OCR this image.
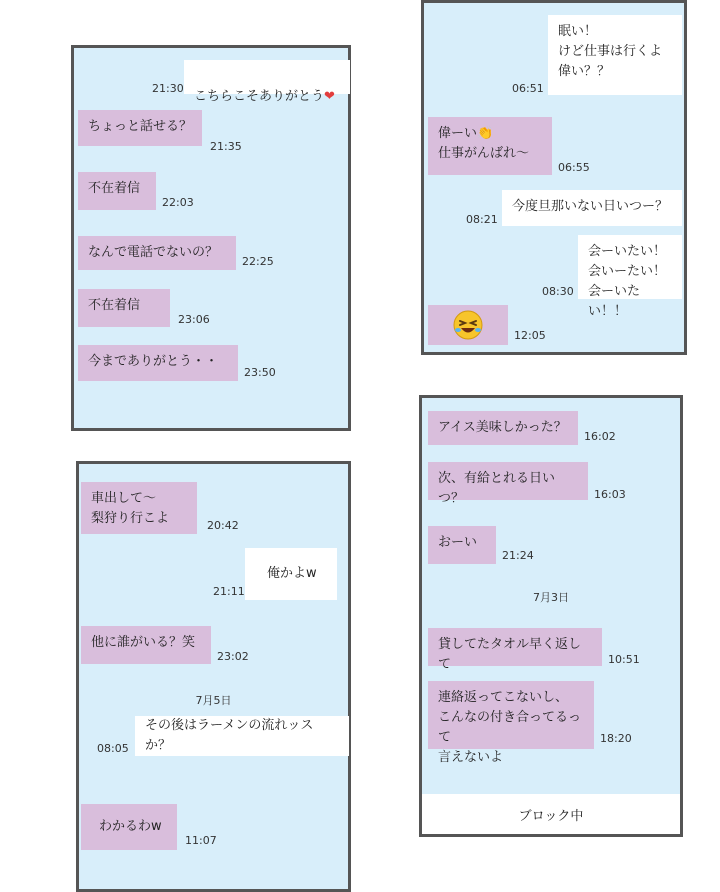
こちらこそありがとう❤

21:30
ちょっと話せる？
21:35
不在着信
22:03
なんで電話でないの？
22:25
不在着信
23:06
今までありがとう・・
23:50
眠い！
けど仕事は行くよ
偉い？？
06:51
偉ーい👏
仕事がんばれ〜
06:55
今度旦那いない日いつー？
08:21
会ーいたい！
会いーたい！
会ーいたい！！
08:30
12:05
車出して〜
梨狩り行こよ	20:42
俺かよw
21:11
他に誰がいる？笑
23:02
7月5日
その後はラーメンの流れッスか？
08:05
わかるわw
11:07
アイス美味しかった？
16:02
次、有給とれる日いつ？	16:03
おーい
21:24
7月3日
貸してたタオル早く返して	10:51
連絡返ってこないし、
こんなの付き合ってるって
言えないよ
18:20
ブロック中
